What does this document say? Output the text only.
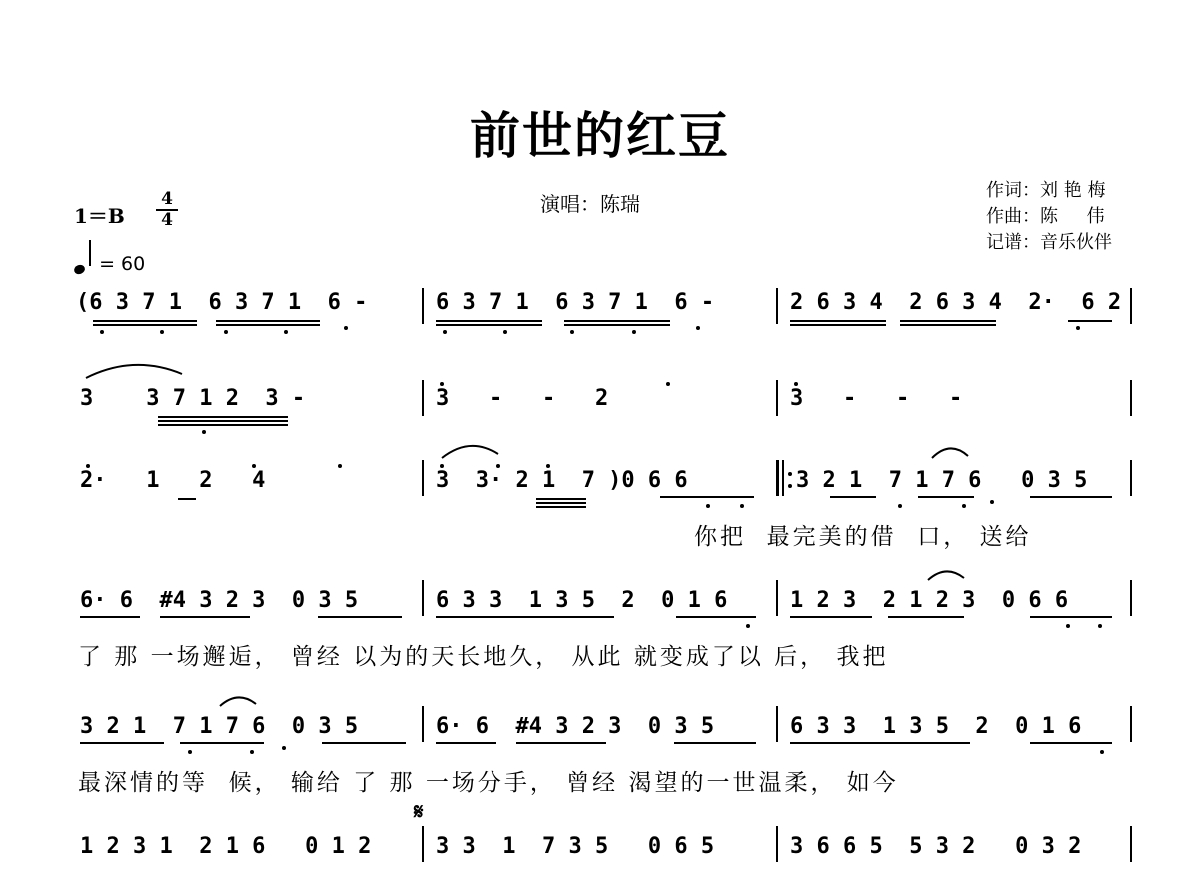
前世的红豆
演唱：陈瑞
作词：刘 艳 梅
作曲：陈     伟
记谱：音乐伙伴
1＝B
4
4
= 60
(6 3 7 1  6 3 7 1  6 -	6 3 7 1  6 3 7 1  6 -	2 6 3 4  2 6 3 4  2·  6 2
3    3 7 1 2  3 -	3   -   -   2	3   -   -   -
2·   1   2   4	3  3· 2 1  7 )0 6 6	3 2 1  7 1 7 6   0 3 5
你把  最完美的借  口， 送给
6· 6  #4 3 2 3  0 3 5	6 3 3  1 3 5  2  0 1 6	1 2 3  2 1 2 3  0 6 6
了 那 一场邂逅， 曾经 以为的天长地久， 从此 就变成了以 后， 我把
3 2 1  7 1 7 6  0 3 5	6· 6  #4 3 2 3  0 3 5	6 3 3  1 3 5  2  0 1 6
最深情的等  候， 输给 了 那 一场分手， 曾经 渴望的一世温柔， 如今
𝄋
1 2 3 1  2 1 6   0 1 2	3 3  1  7 3 5   0 6 5	3 6 6 5  5 3 2   0 3 2
